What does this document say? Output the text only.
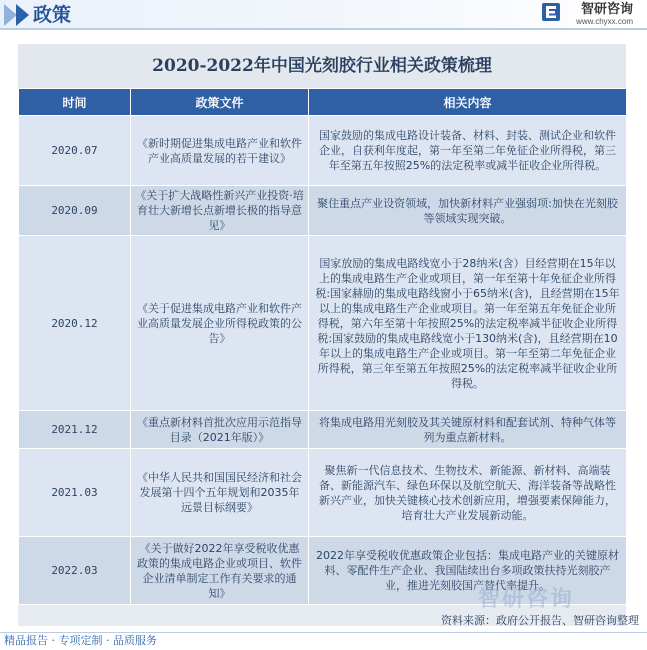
政策	智研咨询
www.chyxx.com
2020-2022年中国光刻胶行业相关政策梳理
时间	政策文件	相关内容
2020.07	《新时期促进集成电路产业和软件产业高质量发展的若干建议》	国家鼓励的集成电路设计装备、材料、封装、测试企业和软件企业，自获利年度起，第一年至第二年免征企业所得税，第三年至第五年按照25%的法定税率或减半征收企业所得税。
2020.09	《关于扩大战略性新兴产业投资·培育壮大新增长点新增长极的指导意见》	聚住重点产业设资领域，加快新材料产业强弱项:加快在光刻胶等领域实现突破。
2020.12	《关于促进集成电路产业和软件产业高质量发展企业所得税政策的公告》	国家放励的集成电路线宽小于28纳米(含）目经营期在15年以上的集成电路生产企业或项目，第一年至第十年免征企业所得税:国家赫励的集成电路线窗小于65纳米(含)，且经营期在15年以上的集成电路生产企业或项目。第一年至第五年免征企业所得税，第六年至第十年按照25%的法定税率减半征收企业所得税:国家鼓励的集成电路线宽小于130纳米(含)，且经营期在10年以上的集成电路生产企业或项目。第一年至第二年免征企业所得税，第三年至第五年按照25%的法定税率减半征收企业所得税。
2021.12	《重点新材料首批次应用示范指导目录（2021年版）》	将集成电路用光刻胶及其关键原材料和配套试剂、特种气体等列为重点新材料。
2021.03	《中华人民共和国国民经济和社会发展第十四个五年规划和2035年远景目标纲要》	聚焦新一代信息技术、生物技术、新能源、新材料、高端装备、新能源汽车、绿色环保以及航空航天、海洋装备等战略性新兴产业，加快关键核心技术创新应用，增强要素保障能力，培育壮大产业发展新动能。
2022.03	《关于做好2022年享受税收优惠政策的集成电路企业或项目、软件企业清单制定工作有关要求的通知》	2022年享受税收优惠政策企业包括：集成电路产业的关键原材料、零配件生产企业、我国陆续出台多项政策扶持光刻胶产业，推进光刻胶国产替代率提升。
智研咨询
资料来源：政府公开报告、智研咨询整理
精品报告 · 专项定制 · 品质服务
